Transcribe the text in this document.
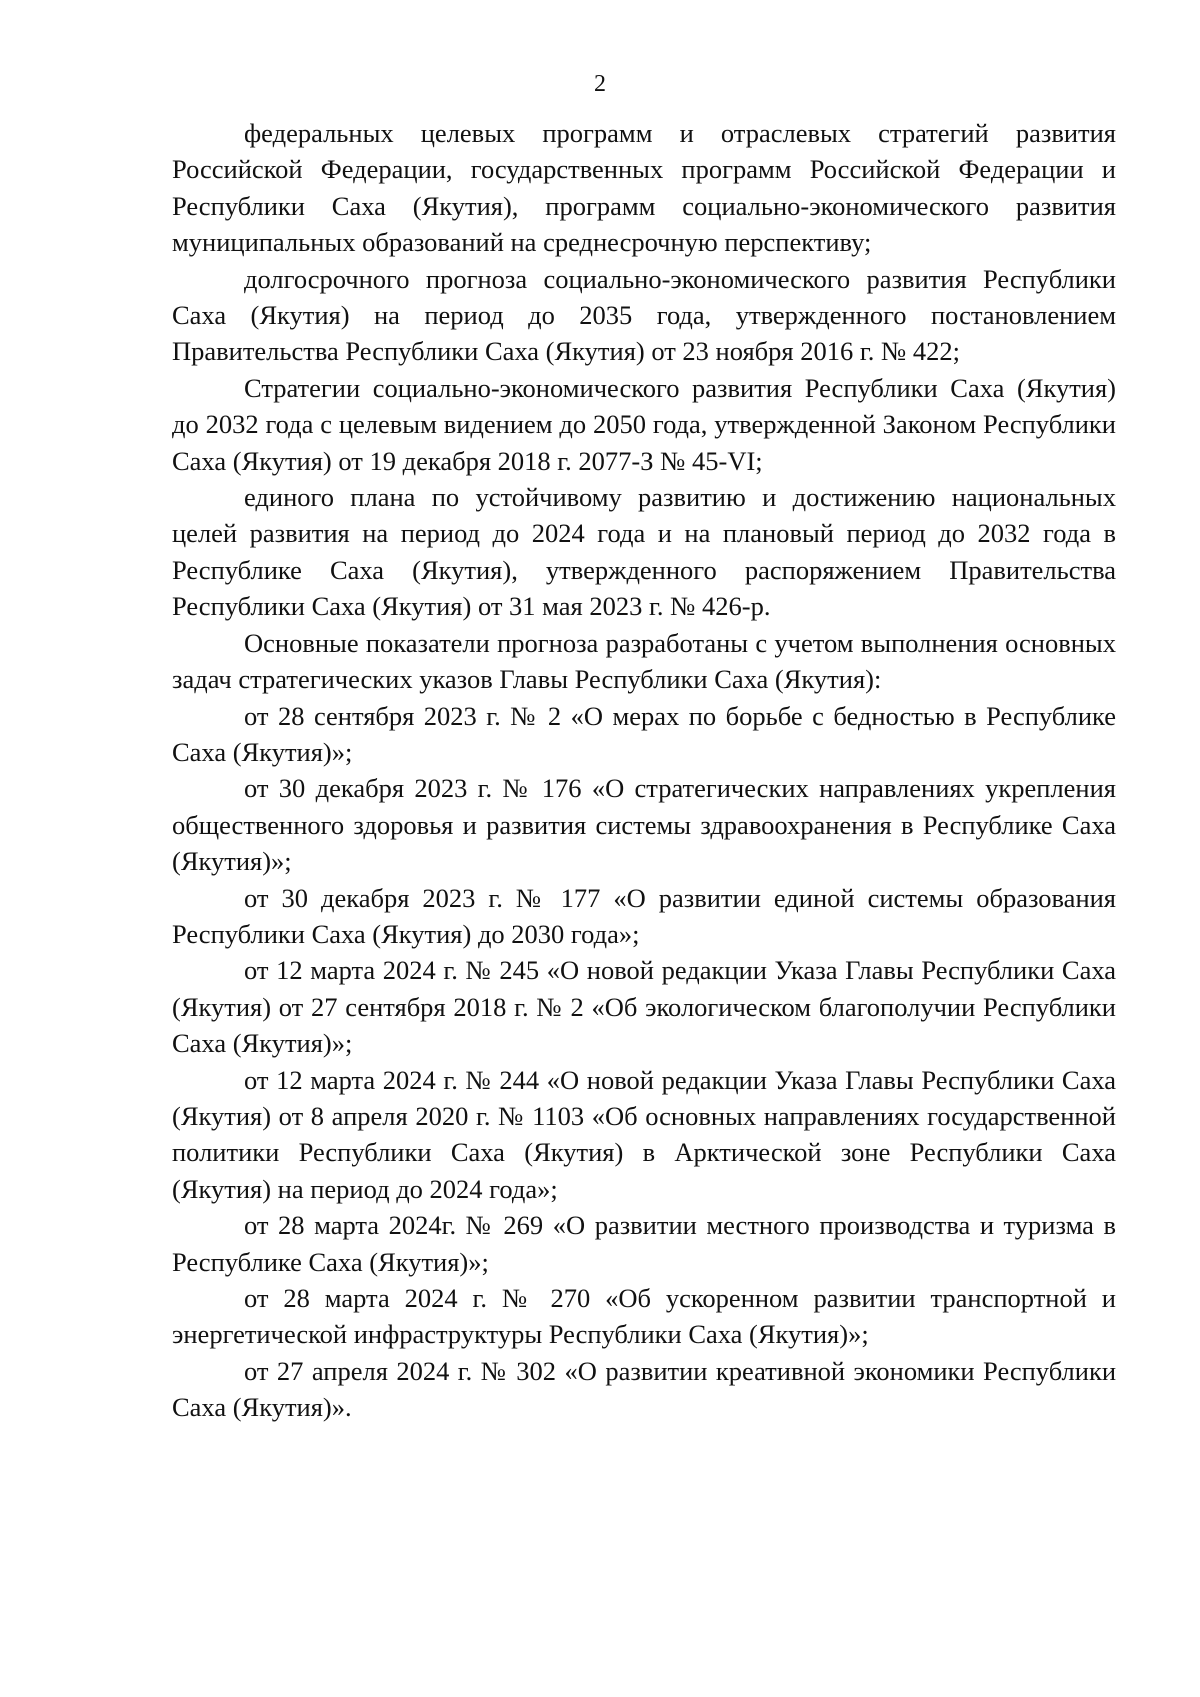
2

федеральных целевых программ и отраслевых стратегий развития Российской Федерации, государственных программ Российской Федерации и Республики Саха (Якутия), программ социально-экономического развития муниципальных образований на среднесрочную перспективу;

долгосрочного прогноза социально-экономического развития Республики Саха (Якутия) на период до 2035 года, утвержденного постановлением Правительства Республики Саха (Якутия) от 23 ноября 2016 г. № 422;

Стратегии социально-экономического развития Республики Саха (Якутия) до 2032 года с целевым видением до 2050 года, утвержденной Законом Республики Саха (Якутия) от 19 декабря 2018 г. 2077-З № 45-VI;

единого плана по устойчивому развитию и достижению национальных целей развития на период до 2024 года и на плановый период до 2032 года в Республике Саха (Якутия), утвержденного распоряжением Правительства Республики Саха (Якутия) от 31 мая 2023 г. № 426-р.

Основные показатели прогноза разработаны с учетом выполнения основных задач стратегических указов Главы Республики Саха (Якутия):

от 28 сентября 2023 г. № 2 «О мерах по борьбе с бедностью в Республике Саха (Якутия)»;

от 30 декабря 2023 г. № 176 «О стратегических направлениях укрепления общественного здоровья и развития системы здравоохранения в Республике Саха (Якутия)»;

от 30 декабря 2023 г. № 177 «О развитии единой системы образования Республики Саха (Якутия) до 2030 года»;

от 12 марта 2024 г. № 245 «О новой редакции Указа Главы Республики Саха (Якутия) от 27 сентября 2018 г. № 2 «Об экологическом благополучии Республики Саха (Якутия)»;

от 12 марта 2024 г. № 244 «О новой редакции Указа Главы Республики Саха (Якутия) от 8 апреля 2020 г. № 1103 «Об основных направлениях государственной политики Республики Саха (Якутия) в Арктической зоне Республики Саха (Якутия) на период до 2024 года»;

от 28 марта 2024г. № 269 «О развитии местного производства и туризма в Республике Саха (Якутия)»;

от 28 марта 2024 г. № 270 «Об ускоренном развитии транспортной и энергетической инфраструктуры Республики Саха (Якутия)»;

от 27 апреля 2024 г. № 302 «О развитии креативной экономики Республики Саха (Якутия)».
